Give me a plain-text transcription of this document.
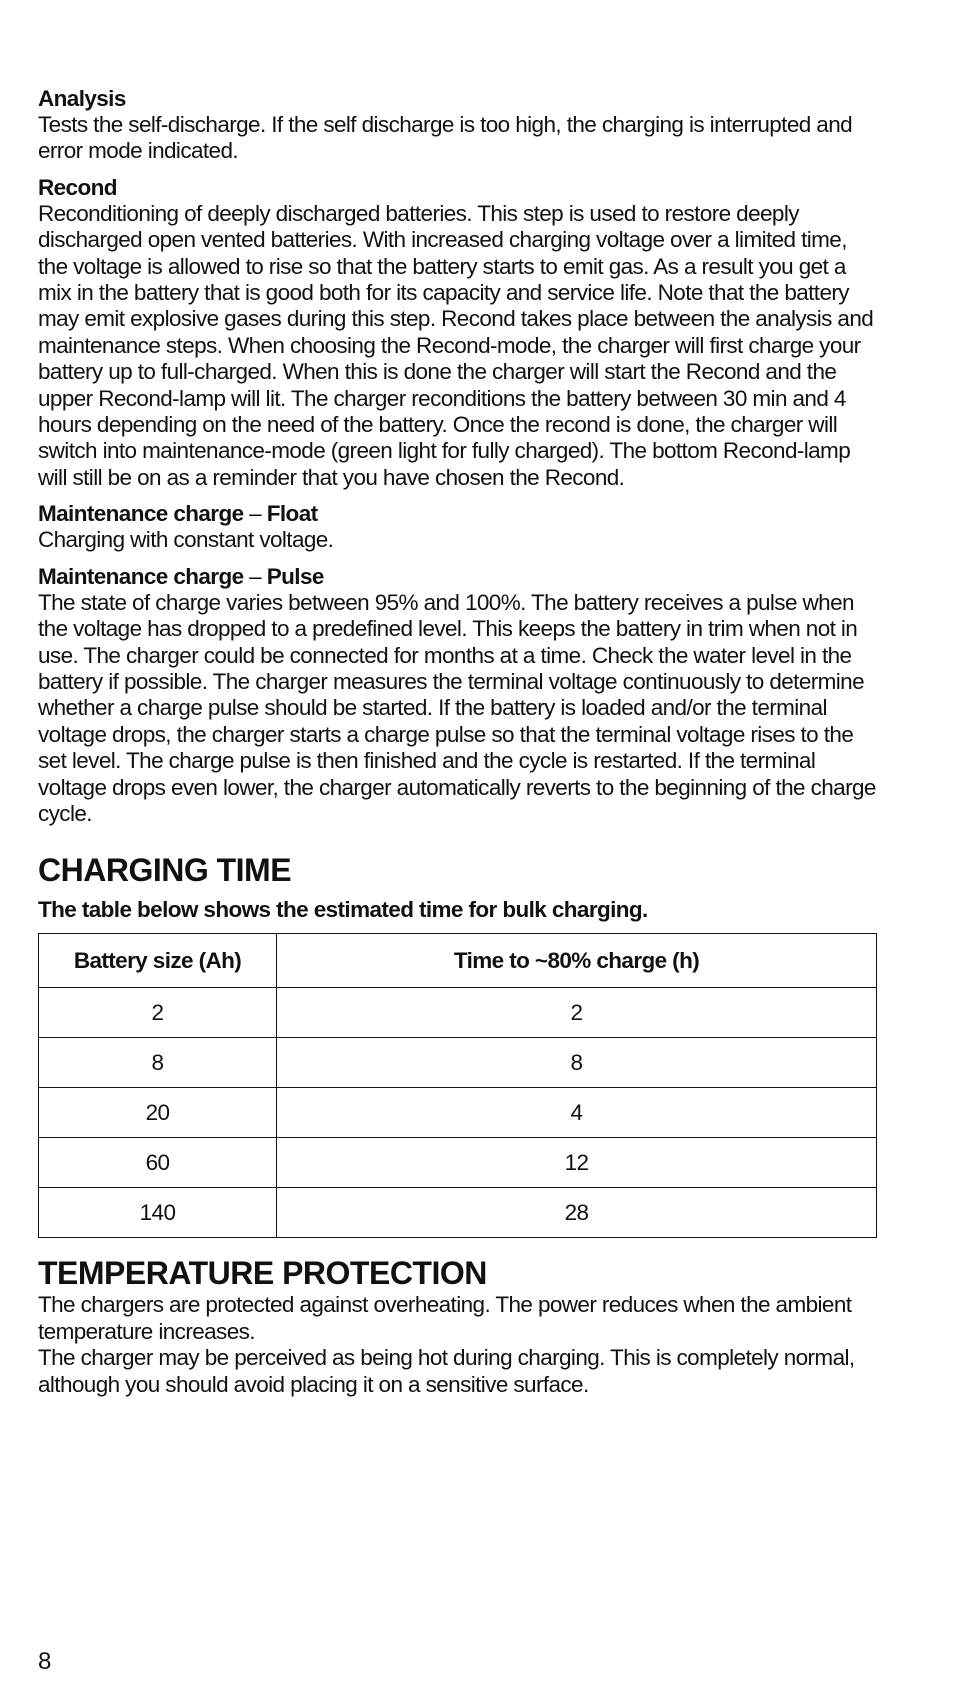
Analysis

Tests the self-discharge. If the self discharge is too high, the charging is interrupted and error mode indicated.

Recond

Reconditioning of deeply discharged batteries. This step is used to restore deeply discharged open vented batteries. With increased charging voltage over a limited time, the voltage is allowed to rise so that the battery starts to emit gas. As a result you get a mix in the battery that is good both for its capacity and service life. Note that the battery may emit explosive gases during this step. Recond takes place between the analysis and maintenance steps. When choosing the Recond-mode, the charger will first charge your battery up to full-charged. When this is done the charger will start the Recond and the upper Recond-lamp will lit. The charger reconditions the battery between 30 min and 4 hours depending on the need of the battery. Once the recond is done, the charger will switch into maintenance-mode (green light for fully charged). The bottom Recond-lamp will still be on as a reminder that you have chosen the Recond.

Maintenance charge – Float

Charging with constant voltage.

Maintenance charge – Pulse

The state of charge varies between 95% and 100%. The battery receives a pulse when the voltage has dropped to a predefined level. This keeps the battery in trim when not in use. The charger could be connected for months at a time. Check the water level in the battery if possible. The charger measures the terminal voltage continuously to determine whether a charge pulse should be started. If the battery is loaded and/or the terminal voltage drops, the charger starts a charge pulse so that the terminal voltage rises to the set level. The charge pulse is then finished and the cycle is restarted. If the terminal voltage drops even lower, the charger automatically reverts to the beginning of the charge cycle.

CHARGING TIME

The table below shows the estimated time for bulk charging.

Battery size (Ah)	Time to ~80% charge (h)
2	2
8	8
20	4
60	12
140	28
TEMPERATURE PROTECTION

The chargers are protected against overheating. The power reduces when the ambient temperature increases.

The charger may be perceived as being hot during charging. This is completely normal, although you should avoid placing it on a sensitive surface.

8
